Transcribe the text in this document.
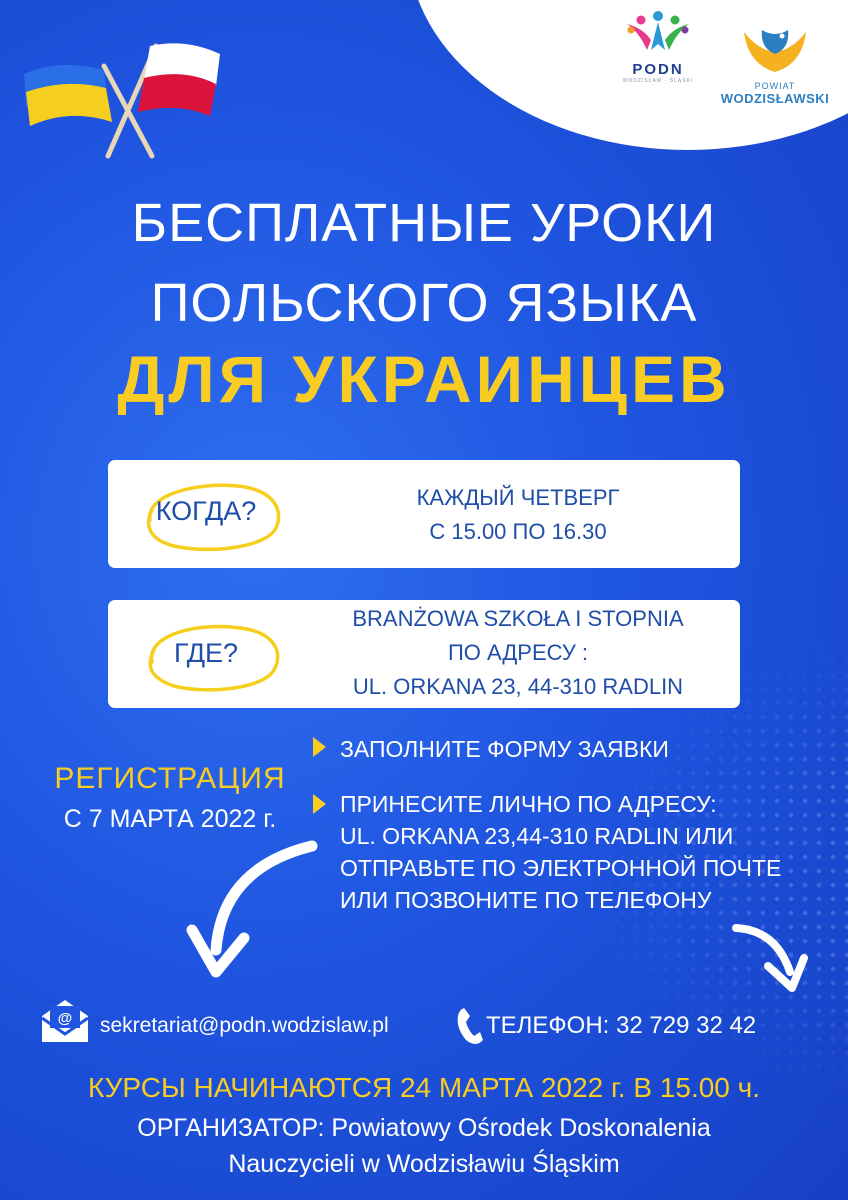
PODN
WODZISŁAW · ŚLĄSKI	POWIAT
WODZISŁAWSKI
БЕСПЛАТНЫЕ УРОКИ
ПОЛЬСКОГО ЯЗЫКА
ДЛЯ УКРАИНЦЕВ
КОГДА?	КАЖДЫЙ ЧЕТВЕРГ
С 15.00 ПО 16.30
ГДЕ?
BRANŻOWA SZKOŁA I STOPNIA
ПО АДРЕСУ :
UL. ORKANA 23, 44-310 RADLIN
РЕГИСТРАЦИЯ
С 7 МАРТА 2022 г.
ЗАПОЛНИТЕ ФОРМУ ЗАЯВКИ
ПРИНЕСИТЕ ЛИЧНО ПО АДРЕСУ:
UL. ORKANA 23,44-310 RADLIN ИЛИ
ОТПРАВЬТЕ ПО ЭЛЕКТРОННОЙ ПОЧТЕ
ИЛИ ПОЗВОНИТЕ ПО ТЕЛЕФОНУ
@ sekretariat@podn.wodzislaw.pl	ТЕЛЕФОН: 32 729 32 42
КУРСЫ НАЧИНАЮТСЯ 24 МАРТА 2022 г. В 15.00 ч.
ОРГАНИЗАТОР: Powiatowy Ośrodek Doskonalenia
Nauczycieli w Wodzisławiu Śląskim
